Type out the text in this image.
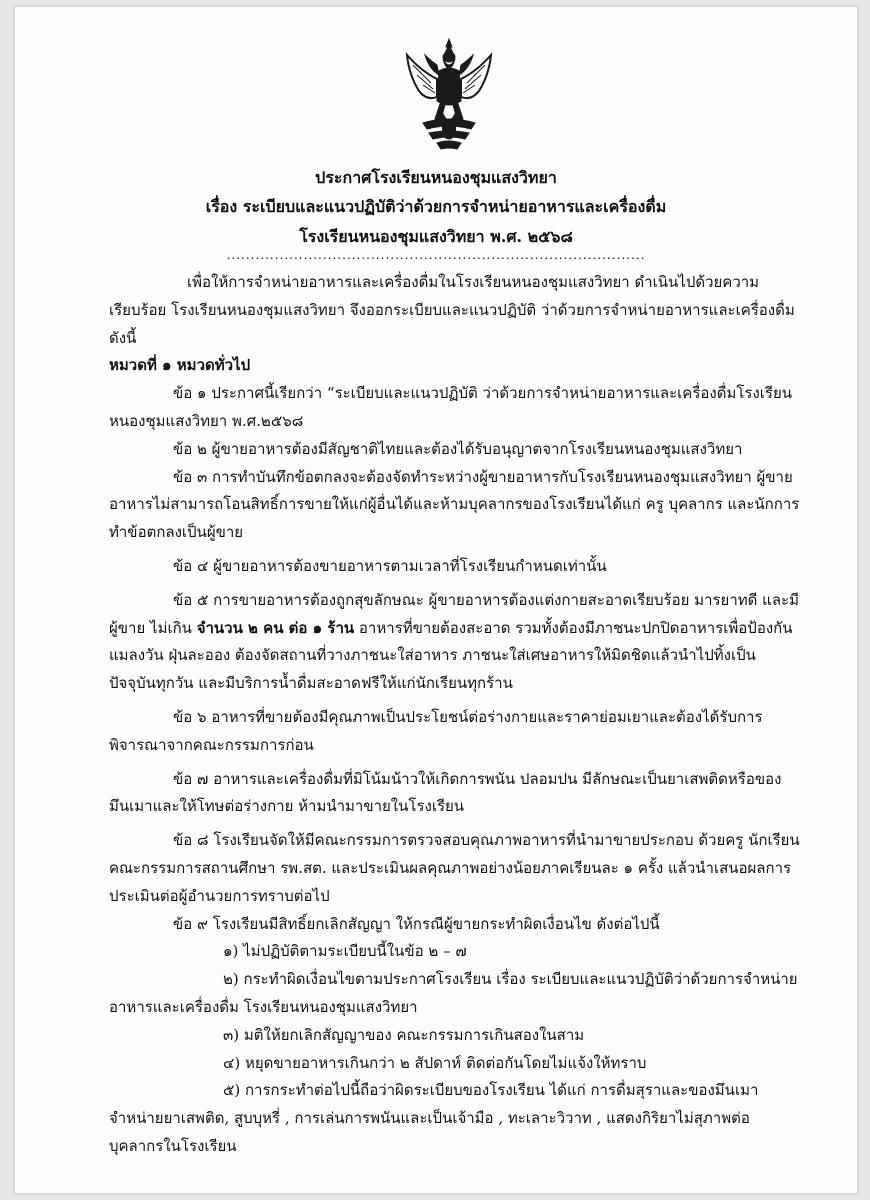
ประกาศโรงเรียนหนองชุมแสงวิทยา
เรื่อง ระเบียบและแนวปฏิบัติว่าด้วยการจำหน่ายอาหารและเครื่องดื่ม
โรงเรียนหนองชุมแสงวิทยา พ.ศ. ๒๕๖๘
.......................................................................................

เพื่อให้การจำหน่ายอาหารและเครื่องดื่มในโรงเรียนหนองชุมแสงวิทยา ดำเนินไปด้วยความเรียบร้อย โรงเรียนหนองชุมแสงวิทยา จึงออกระเบียบและแนวปฏิบัติ ว่าด้วยการจำหน่ายอาหารและเครื่องดื่ม ดังนี้

หมวดที่ ๑ หมวดทั่วไป

ข้อ ๑ ประกาศนี้เรียกว่า “ระเบียบและแนวปฏิบัติ ว่าด้วยการจำหน่ายอาหารและเครื่องดื่มโรงเรียนหนองชุมแสงวิทยา พ.ศ.๒๕๖๘

ข้อ ๒ ผู้ขายอาหารต้องมีสัญชาติไทยและต้องได้รับอนุญาตจากโรงเรียนหนองชุมแสงวิทยา

ข้อ ๓ การทำบันทึกข้อตกลงจะต้องจัดทำระหว่างผู้ขายอาหารกับโรงเรียนหนองชุมแสงวิทยา ผู้ขายอาหารไม่สามารถโอนสิทธิ์การขายให้แก่ผู้อื่นได้และห้ามบุคลากรของโรงเรียนได้แก่ ครู บุคลากร และนักการ ทำข้อตกลงเป็นผู้ขาย

ข้อ ๔ ผู้ขายอาหารต้องขายอาหารตามเวลาที่โรงเรียนกำหนดเท่านั้น

ข้อ ๕ การขายอาหารต้องถูกสุขลักษณะ ผู้ขายอาหารต้องแต่งกายสะอาดเรียบร้อย มารยาทดี และมีผู้ขาย ไม่เกิน จำนวน ๒ คน ต่อ ๑ ร้าน อาหารที่ขายต้องสะอาด รวมทั้งต้องมีภาชนะปกปิดอาหารเพื่อป้องกันแมลงวัน ฝุ่นละออง ต้องจัดสถานที่วางภาชนะใส่อาหาร ภาชนะใส่เศษอาหารให้มิดชิดแล้วนำไปทิ้งเป็นปัจจุบันทุกวัน และมีบริการน้ำดื่มสะอาดฟรีให้แก่นักเรียนทุกร้าน

ข้อ ๖ อาหารที่ขายต้องมีคุณภาพเป็นประโยชน์ต่อร่างกายและราคาย่อมเยาและต้องได้รับการพิจารณาจากคณะกรรมการก่อน

ข้อ ๗ อาหารและเครื่องดื่มที่มิโน้มน้าวให้เกิดการพนัน ปลอมปน มีลักษณะเป็นยาเสพติดหรือของมึนเมาและให้โทษต่อร่างกาย ห้ามนำมาขายในโรงเรียน

ข้อ ๘ โรงเรียนจัดให้มีคณะกรรมการตรวจสอบคุณภาพอาหารที่นำมาขายประกอบ ด้วยครู นักเรียน คณะกรรมการสถานศึกษา รพ.สต. และประเมินผลคุณภาพอย่างน้อยภาคเรียนละ ๑ ครั้ง แล้วนำเสนอผลการประเมินต่อผู้อำนวยการทราบต่อไป

ข้อ ๙ โรงเรียนมีสิทธิ์ยกเลิกสัญญา ให้กรณีผู้ขายกระทำผิดเงื่อนไข ดังต่อไปนี้

๑) ไม่ปฏิบัติตามระเบียบนี้ในข้อ ๒ – ๗

๒) กระทำผิดเงื่อนไขตามประกาศโรงเรียน เรื่อง ระเบียบและแนวปฏิบัติว่าด้วยการจำหน่ายอาหารและเครื่องดื่ม โรงเรียนหนองชุมแสงวิทยา

๓) มติให้ยกเลิกสัญญาของ คณะกรรมการเกินสองในสาม

๔) หยุดขายอาหารเกินกว่า ๒ สัปดาห์ ติดต่อกันโดยไม่แจ้งให้ทราบ

๕) การกระทำต่อไปนี้ถือว่าผิดระเบียบของโรงเรียน ได้แก่ การดื่มสุราและของมึนเมา จำหน่ายยาเสพติด, สูบบุหรี่ , การเล่นการพนันและเป็นเจ้ามือ , ทะเลาะวิวาท , แสดงกิริยาไม่สุภาพต่อบุคลากรในโรงเรียน
